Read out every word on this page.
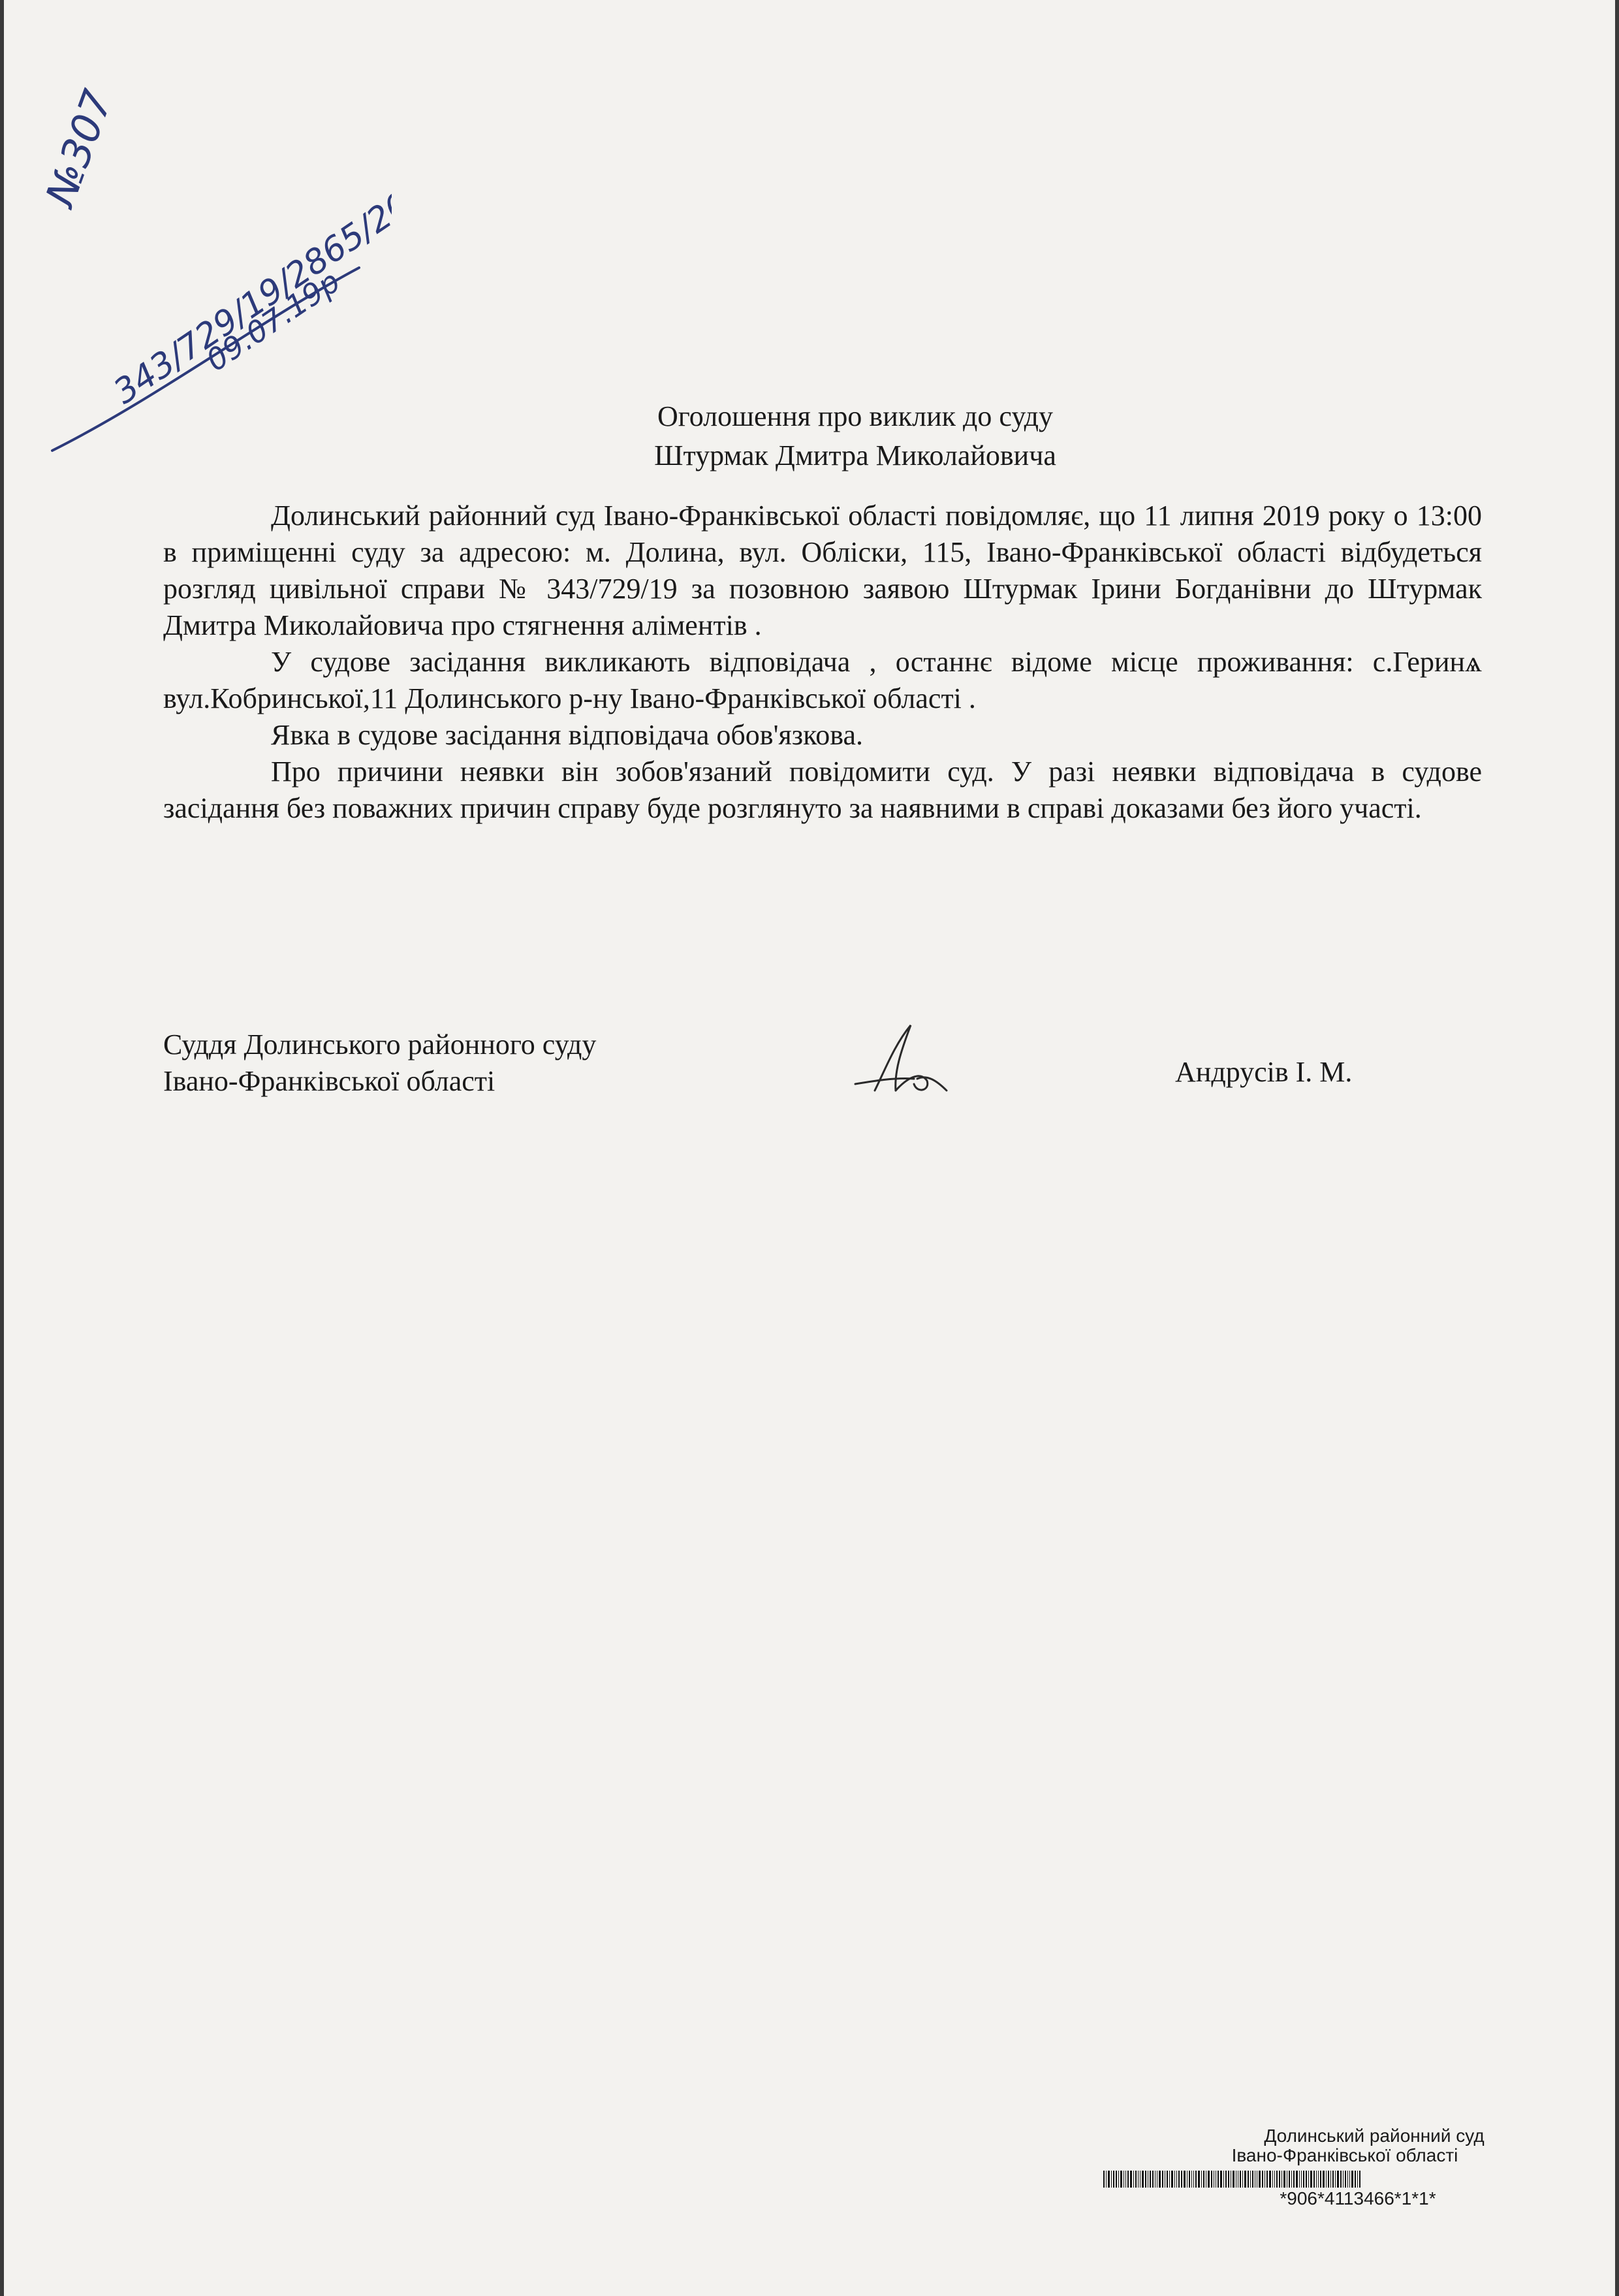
№307
343/729/19/2865/2019
09.07.19р
Оголошення про виклик до суду
Штурмак Дмитра Миколайовича

Долинський районний суд Івано-Франківської області повідомляє, що 11 липня 2019 року о 13:00 в приміщенні суду за адресою: м. Долина, вул. Обліски, 115, Івано-Франківської області відбудеться розгляд цивільної справи № 343/729/19 за позовною заявою Штурмак Ірини Богданівни до Штурмак Дмитра Миколайовича про стягнення аліментів .

У судове засідання викликають відповідача , останнє відоме місце проживання: с.Геринѧ вул.Кобринської,11 Долинського р-ну Івано-Франківської області .

Явка в судове засідання відповідача обов'язкова.

Про причини неявки він зобов'язаний повідомити суд. У разі неявки відповідача в судове засідання без поважних причин справу буде розглянуто за наявними в справі доказами без його участі.

Суддя Долинського районного суду
Івано-Франківської області	Андрусів І. М.
Долинський районний суд
Івано-Франківської області
*906*4113466*1*1*
